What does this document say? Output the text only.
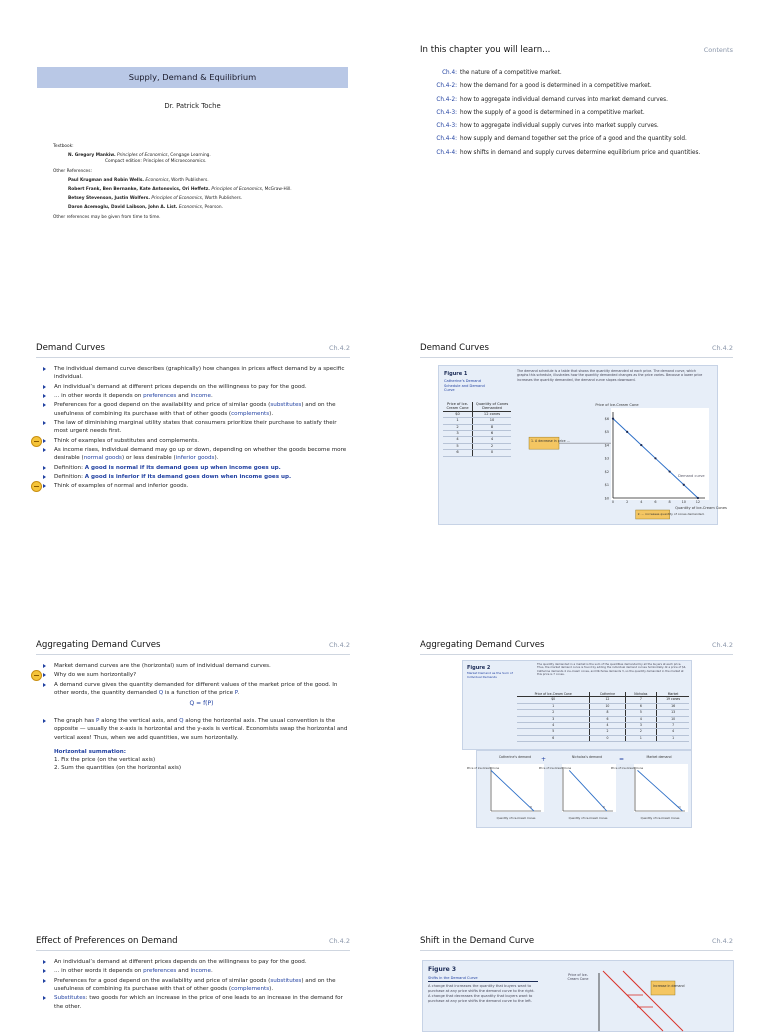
Supply, Demand & Equilibrium
Dr. Patrick Toche
Textbook:
N. Gregory Mankiw. Principles of Economics, Cengage Learning.
Compact edition: Principles of Microeconomics.
Other References:
Paul Krugman and Robin Wells. Economics, Worth Publishers.
Robert Frank, Ben Bernanke, Kate Antonovics, Ori Heffetz. Principles of Economics, McGraw-Hill.
Betsey Stevenson, Justin Wolfers. Principles of Economics, Worth Publishers.
Daron Acemoglu, David Laibson, John A. List. Economics, Pearson.
Other references may be given from time to time.
In this chapter you will learn...	Contents
Ch.4: the nature of a competitive market.
Ch.4-2: how the demand for a good is determined in a competitive market.
Ch.4-2: how to aggregate individual demand curves into market demand curves.
Ch.4-3: how the supply of a good is determined in a competitive market.
Ch.4-3: how to aggregate individual supply curves into market supply curves.
Ch.4-4: how supply and demand together set the price of a good and the quantity sold.
Ch.4-4: how shifts in demand and supply curves determine equilibrium price and quantities.
Demand Curves	Ch.4.2
The individual demand curve describes (graphically) how changes in prices affect demand by a specific individual.
An individual’s demand at different prices depends on the willingness to pay for the good.
... in other words it depends on preferences and income.
Preferences for a good depend on the availability and price of similar goods (substitutes) and on the usefulness of combining its purchase with that of other goods (complements).
The law of diminishing marginal utility states that consumers prioritize their purchase to satisfy their most urgent needs first.
Think of examples of substitutes and complements.
As income rises, individual demand may go up or down, depending on whether the goods become more desirable (normal goods) or less desirable (inferior goods).
Definition: A good is normal if its demand goes up when income goes up.
Definition: A good is inferior if its demand goes down when income goes up.
Think of examples of normal and inferior goods.
Demand Curves	Ch.4.2
Figure 1
Catherine’s Demand Schedule and Demand Curve
The demand schedule is a table that shows the quantity demanded at each price. The demand curve, which graphs this schedule, illustrates how the quantity demanded changes as the price varies. Because a lower price increases the quantity demanded, the demand curve slopes downward.
Price of Ice-Cream Cone	Quantity of Cones Demanded
$0	12 cones
1	10
2	8
3	6
4	4
5	2
6	0
$6
0
$5
2
$4
4
$3
6
$2
8
$1
10
$0
12
Price of Ice-Cream Cone
Quantity of Ice-Cream Cones
Demand curve
1. A decrease in price ...
2. ... increases quantity of cones demanded.
Aggregating Demand Curves	Ch.4.2
Market demand curves are the (horizontal) sum of individual demand curves.
Why do we sum horizontally?
A demand curve gives the quantity demanded for different values of the market price of the good. In other words, the quantity demanded Q is a function of the price P.
Q = f(P)
The graph has P along the vertical axis, and Q along the horizontal axis. The usual convention is the opposite — usually the x-axis is horizontal and the y-axis is vertical. Economists swap the horizontal and vertical axes! Thus, when we add quantities, we sum horizontally.
Horizontal summation:
1. Fix the price (on the vertical axis)
2. Sum the quantities (on the horizontal axis)
Aggregating Demand Curves	Ch.4.2
Figure 2
Market Demand as the Sum of Individual Demands
The quantity demanded in a market is the sum of the quantities demanded by all the buyers at each price. Thus, the market demand curve is found by adding the individual demand curves horizontally. At a price of $4, Catherine demands 4 ice-cream cones, and Nicholas demands 3, so the quantity demanded in the market at this price is 7 cones.
Price of Ice-Cream Cone	Catherine	Nicholas	Market
$0	12	7	19 cones
1	10	6	16
2	8	5	13
3	6	4	10
4	4	3	7
5	2	2	4
6	0	1	1
+	=
Catherine’s demand
Price of Ice-Cream Cone
Quantity of Ice-Cream Cones
D
Nicholas’s demand
Price of Ice-Cream Cone
Quantity of Ice-Cream Cones
D
Market demand
Price of Ice-Cream Cone
Quantity of Ice-Cream Cones
D
Effect of Preferences on Demand	Ch.4.2
An individual’s demand at different prices depends on the willingness to pay for the good.
... in other words it depends on preferences and income.
Preferences for a good depend on the availability and price of similar goods (substitutes) and on the usefulness of combining its purchase with that of other goods (complements).
Substitutes: two goods for which an increase in the price of one leads to an increase in the demand for the other.
Shift in the Demand Curve	Ch.4.2
Figure 3
Shifts in the Demand Curve
A change that increases the quantity that buyers want to purchase at any price shifts the demand curve to the right. A change that decreases the quantity that buyers want to purchase at any price shifts the demand curve to the left.
Price of Ice-Cream Cone
Increase in demand
